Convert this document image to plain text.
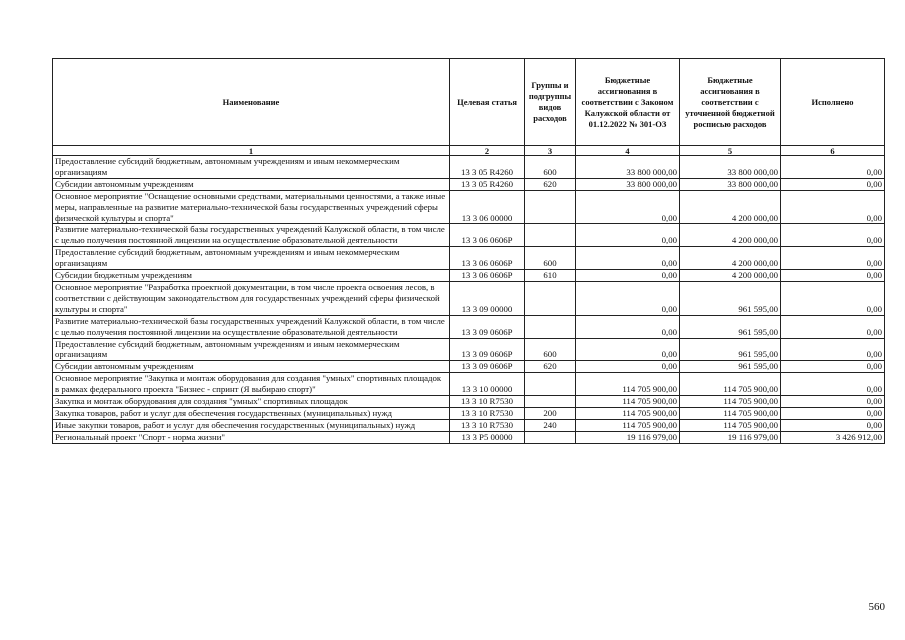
Наименование	Целевая статья	Группы и подгруппы видов расходов	Бюджетные ассигнования в соответствии с Законом Калужской области от 01.12.2022 № 301-ОЗ	Бюджетные ассигнования в соответствии с уточненной бюджетной росписью расходов	Исполнено
1	2	3	4	5	6
Предоставление субсидий бюджетным, автономным учреждениям и иным некоммерческим организациям	13 3 05 R4260	600	33 800 000,00	33 800 000,00	0,00
Субсидии автономным учреждениям	13 3 05 R4260	620	33 800 000,00	33 800 000,00	0,00
Основное мероприятие "Оснащение основными средствами, материальными ценностями, а также иные меры, направленные на развитие материально-технической базы государственных учреждений сферы физической культуры и спорта"	13 3 06 00000		0,00	4 200 000,00	0,00
Развитие материально-технической базы государственных учреждений Калужской области, в том числе с целью получения постоянной лицензии на осуществление образовательной деятельности	13 3 06 0606P		0,00	4 200 000,00	0,00
Предоставление субсидий бюджетным, автономным учреждениям и иным некоммерческим организациям	13 3 06 0606P	600	0,00	4 200 000,00	0,00
Субсидии бюджетным учреждениям	13 3 06 0606P	610	0,00	4 200 000,00	0,00
Основное мероприятие "Разработка проектной документации, в том числе проекта освоения лесов, в соответствии с действующим законодательством для государственных учреждений сферы физической культуры и спорта"	13 3 09 00000		0,00	961 595,00	0,00
Развитие материально-технической базы государственных учреждений Калужской области, в том числе с целью получения постоянной лицензии на осуществление образовательной деятельности	13 3 09 0606P		0,00	961 595,00	0,00
Предоставление субсидий бюджетным, автономным учреждениям и иным некоммерческим организациям	13 3 09 0606P	600	0,00	961 595,00	0,00
Субсидии автономным учреждениям	13 3 09 0606P	620	0,00	961 595,00	0,00
Основное мероприятие "Закупка и монтаж оборудования для создания "умных" спортивных площадок в рамках федерального проекта "Бизнес - спринт (Я выбираю спорт)"	13 3 10 00000		114 705 900,00	114 705 900,00	0,00
Закупка и монтаж оборудования для создания "умных" спортивных площадок	13 3 10 R7530		114 705 900,00	114 705 900,00	0,00
Закупка товаров, работ и услуг для обеспечения государственных (муниципальных) нужд	13 3 10 R7530	200	114 705 900,00	114 705 900,00	0,00
Иные закупки товаров, работ и услуг для обеспечения государственных (муниципальных) нужд	13 3 10 R7530	240	114 705 900,00	114 705 900,00	0,00
Региональный проект "Спорт - норма жизни"	13 3 P5 00000		19 116 979,00	19 116 979,00	3 426 912,00
560
